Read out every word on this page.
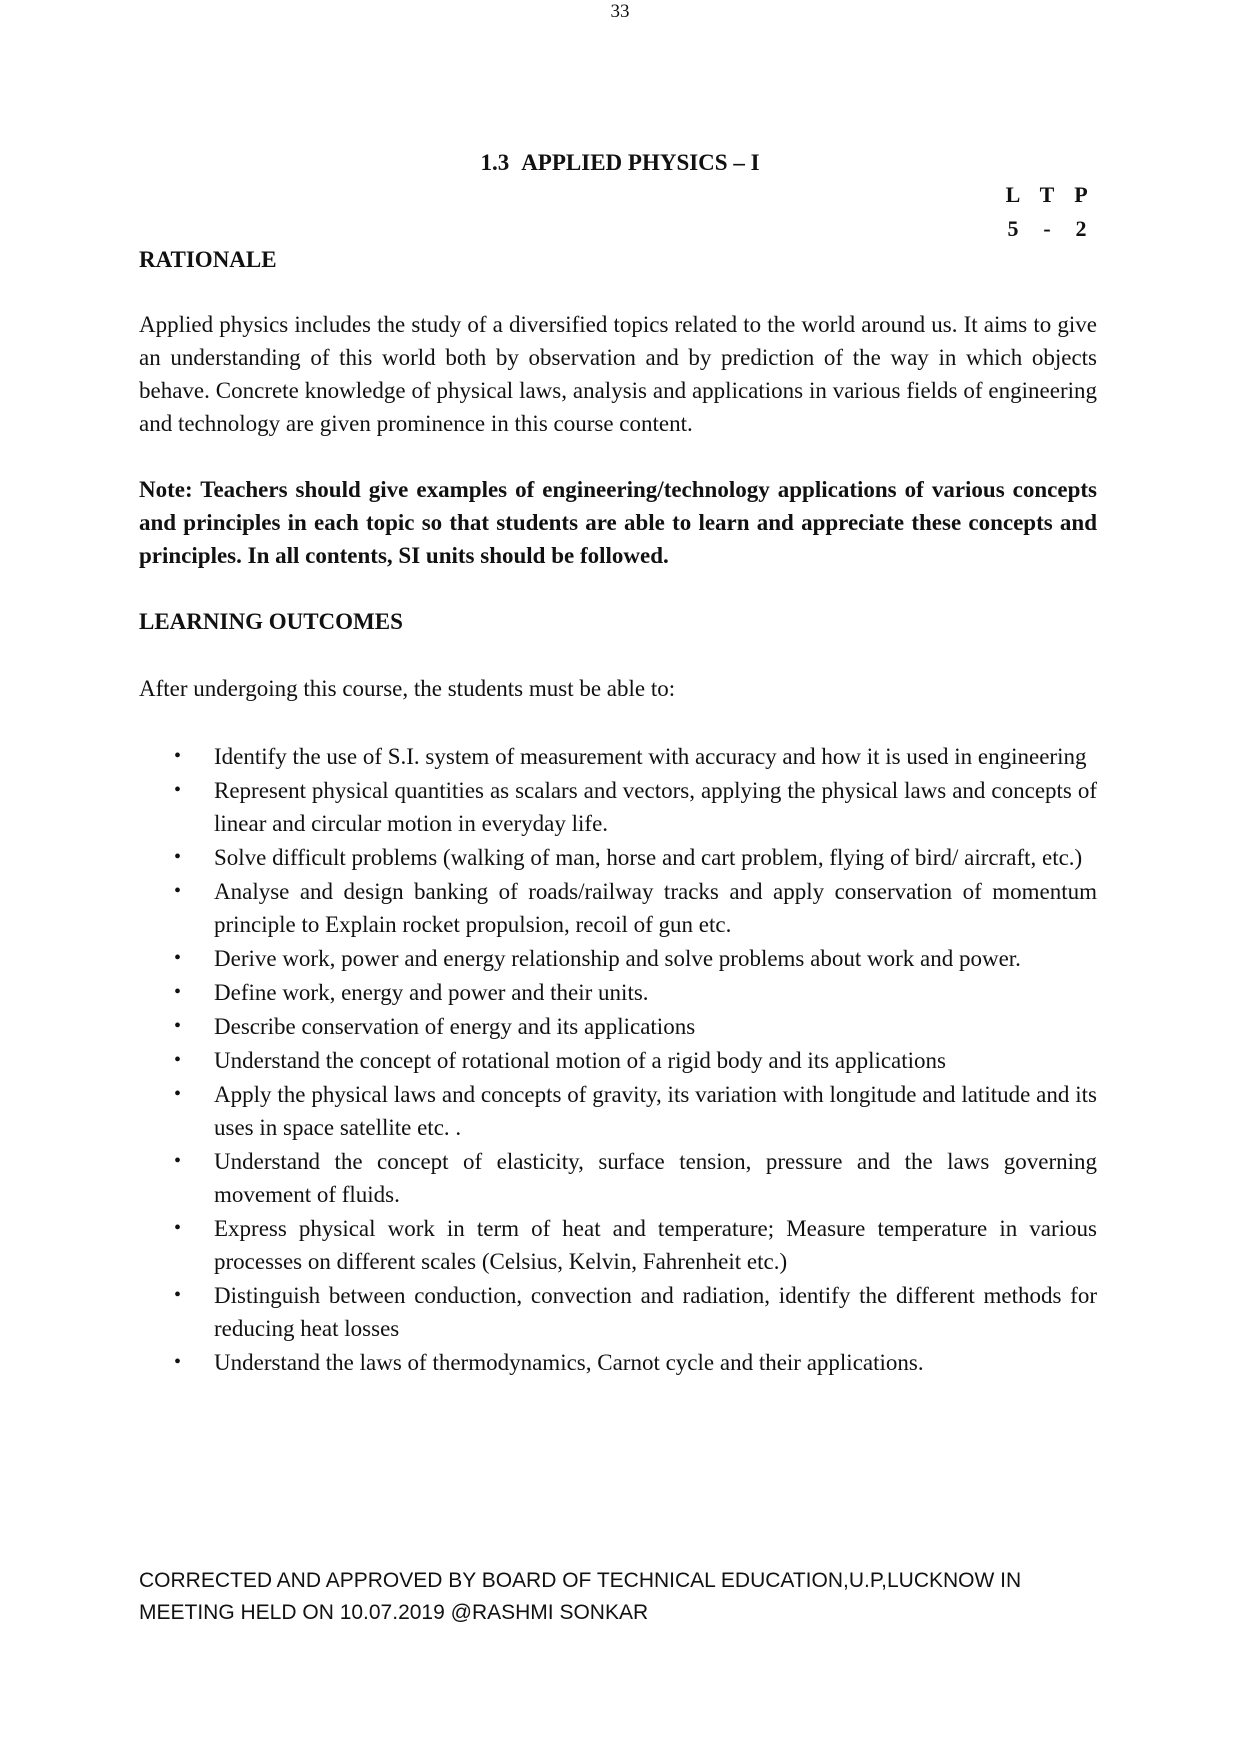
33
1.3 APPLIED PHYSICS – I
L T P
5	-	2
RATIONALE

Applied physics includes the study of a diversified topics related to the world around us. It aims to give an understanding of this world both by observation and by prediction of the way in which objects behave. Concrete knowledge of physical laws, analysis and applications in various fields of engineering and technology are given prominence in this course content.

Note: Teachers should give examples of engineering/technology applications of various concepts and principles in each topic so that students are able to learn and appreciate these concepts and principles. In all contents, SI units should be followed.

LEARNING OUTCOMES

After undergoing this course, the students must be able to:

• Identify the use of S.I. system of measurement with accuracy and how it is used in engineering
• Represent physical quantities as scalars and vectors, applying the physical laws and concepts of linear and circular motion in everyday life.
• Solve difficult problems (walking of man, horse and cart problem, flying of bird/ aircraft, etc.)
• Analyse and design banking of roads/railway tracks and apply conservation of momentum principle to Explain rocket propulsion, recoil of gun etc.
• Derive work, power and energy relationship and solve problems about work and power.
• Define work, energy and power and their units.
• Describe conservation of energy and its applications
• Understand the concept of rotational motion of a rigid body and its applications
• Apply the physical laws and concepts of gravity, its variation with longitude and latitude and its uses in space satellite etc. .
• Understand the concept of elasticity, surface tension, pressure and the laws governing movement of fluids.
• Express physical work in term of heat and temperature; Measure temperature in various processes on different scales (Celsius, Kelvin, Fahrenheit etc.)
• Distinguish between conduction, convection and radiation, identify the different methods for reducing heat losses
• Understand the laws of thermodynamics, Carnot cycle and their applications.
CORRECTED AND APPROVED BY BOARD OF TECHNICAL EDUCATION,U.P,LUCKNOW IN
MEETING HELD ON 10.07.2019 @RASHMI SONKAR
